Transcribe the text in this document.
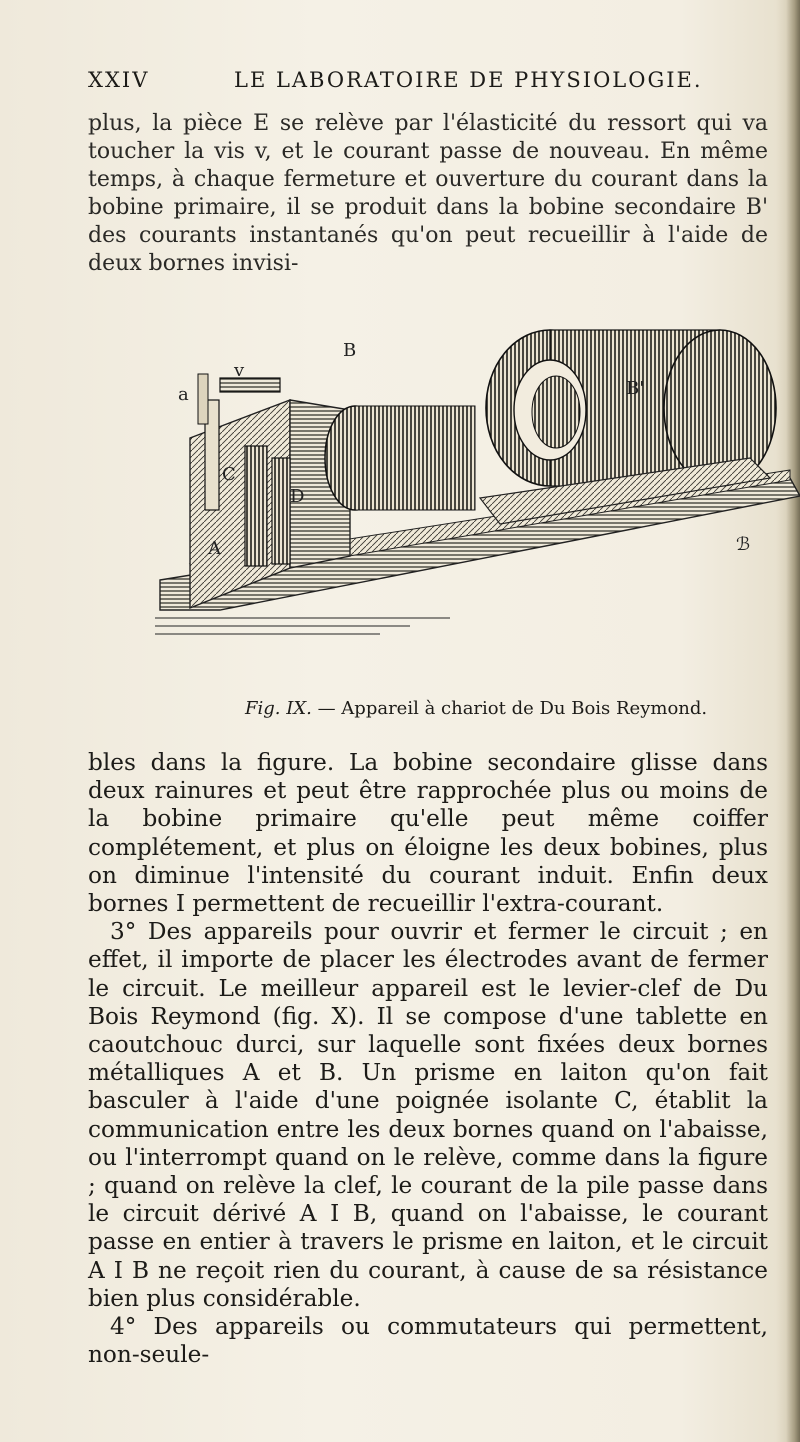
XXIV	LE LABORATOIRE DE PHYSIOLOGIE.

plus, la pièce E se relève par l'élasticité du ressort qui va toucher la vis v, et le courant passe de nouveau. En même temps, à chaque fermeture et ouverture du courant dans la bobine primaire, il se produit dans la bobine secondaire B' des courants instantanés qu'on peut recueillir à l'aide de deux bornes invisi-

B
a
v
C
D
A
B'
ℬ
Fig. IX. — Appareil à chariot de Du Bois Reymond.
bles dans la figure. La bobine secondaire glisse dans deux rainures et peut être rapprochée plus ou moins de la bobine primaire qu'elle peut même coiffer complétement, et plus on éloigne les deux bobines, plus on diminue l'intensité du courant induit. Enfin deux bornes I permettent de recueillir l'extra-courant.
3° Des appareils pour ouvrir et fermer le circuit ; en effet, il importe de placer les électrodes avant de fermer le circuit. Le meilleur appareil est le levier-clef de Du Bois Reymond (fig. X). Il se compose d'une tablette en caoutchouc durci, sur laquelle sont fixées deux bornes métalliques A et B. Un prisme en laiton qu'on fait basculer à l'aide d'une poignée isolante C, établit la communication entre les deux bornes quand on l'abaisse, ou l'interrompt quand on le relève, comme dans la figure ; quand on relève la clef, le courant de la pile passe dans le circuit dérivé A I B, quand on l'abaisse, le courant passe en entier à travers le prisme en laiton, et le circuit A I B ne reçoit rien du courant, à cause de sa résistance bien plus considérable.
4° Des appareils ou commutateurs qui permettent, non-seule-
